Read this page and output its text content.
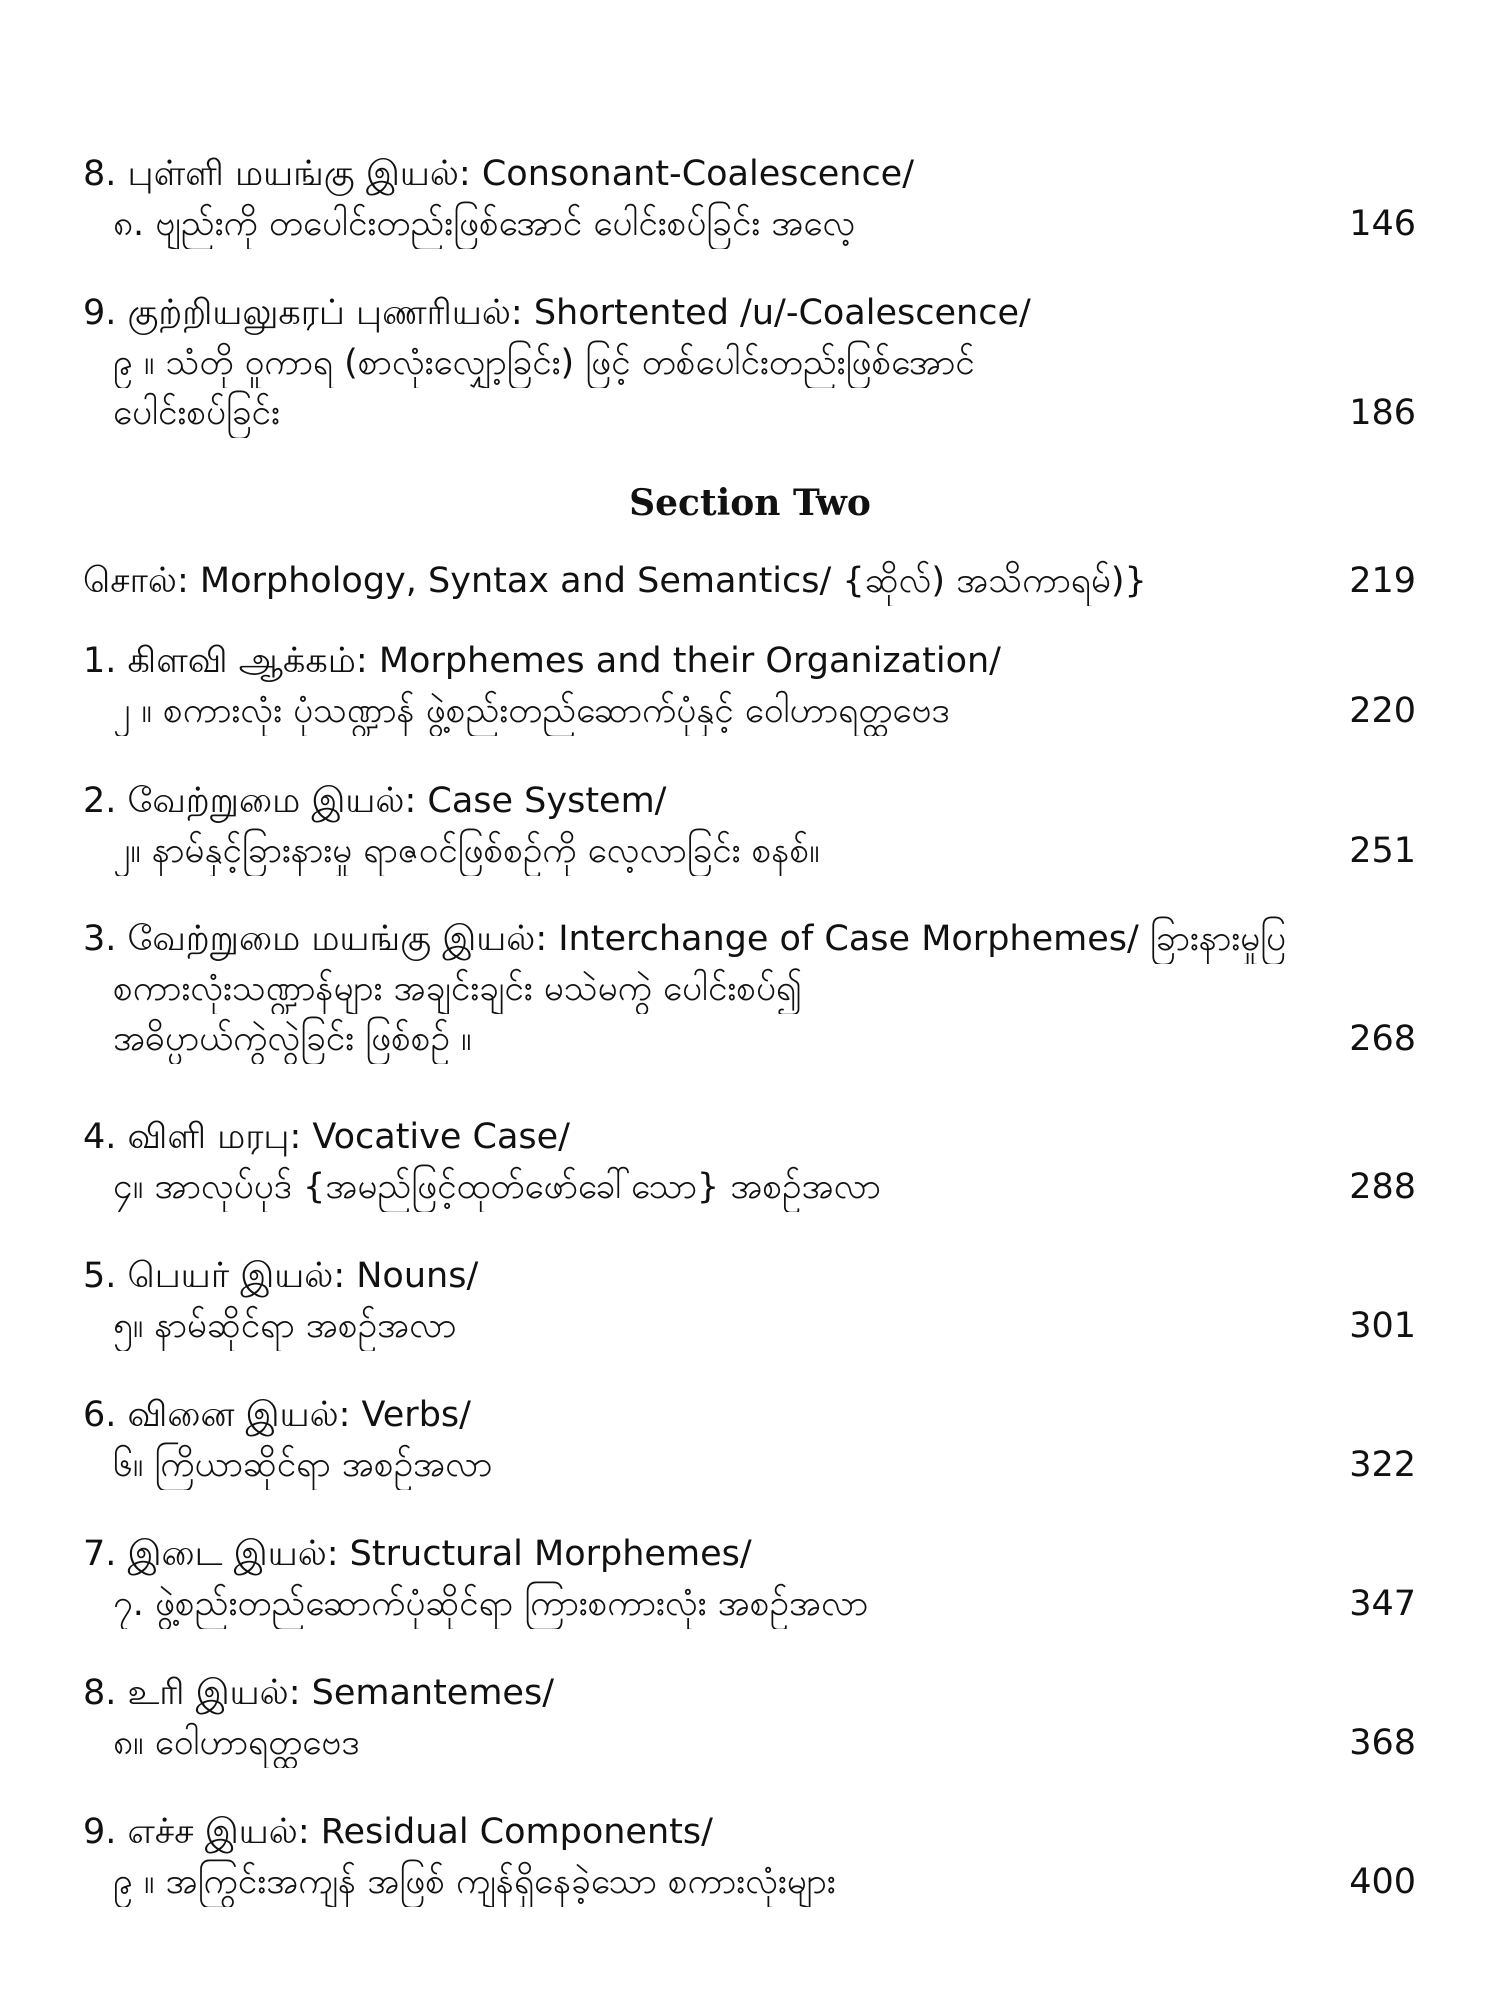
8. புள்ளி மயங்கு இயல்: Consonant-Coalescence/
၈. ဗျည်းကို တပေါင်းတည်းဖြစ်အောင် ပေါင်းစပ်ခြင်း အလေ့	146
9. குற்றியலுகரப் புணரியல்: Shortented /u/-Coalescence/
၉ ။ သံတို ဝူကာရ (စာလုံးလျှော့ခြင်း) ဖြင့် တစ်ပေါင်းတည်းဖြစ်အောင်
ပေါင်းစပ်ခြင်း	186
Section Two
சொல்: Morphology, Syntax and Semantics/ {ဆိုလ်) အသိကာရမ်)}	219
1. கிளவி ஆக்கம்: Morphemes and their Organization/
၂ ။ စကားလုံး ပုံသဏ္ဍာန် ဖွဲ့စည်းတည်ဆောက်ပုံနှင့် ဝေါဟာရတ္ထဗေဒ	220
2. வேற்றுமை இயல்: Case System/
၂။ နာမ်နှင့်ခြားနားမှု ရာဇဝင်ဖြစ်စဉ်ကို လေ့လာခြင်း စနစ်။	251
3. வேற்றுமை மயங்கு இயல்: Interchange of Case Morphemes/ ခြားနားမှုပြ
စကားလုံးသဏ္ဍာန်များ အချင်းချင်း မသဲမကွဲ ပေါင်းစပ်၍
အဓိပ္ပာယ်ကွဲလွဲခြင်း ဖြစ်စဉ် ။	268
4. விளி மரபு: Vocative Case/
၄။ အာလုပ်ပုဒ် {အမည်ဖြင့်ထုတ်ဖော်ခေါ်သော} အစဉ်အလာ	288
5. பெயர் இயல்: Nouns/
၅။ နာမ်ဆိုင်ရာ အစဉ်အလာ	301
6. வினை இயல்: Verbs/
၆။ ကြိယာဆိုင်ရာ အစဉ်အလာ	322
7. இடை இயல்: Structural Morphemes/
၇. ဖွဲ့စည်းတည်ဆောက်ပုံဆိုင်ရာ ကြားစကားလုံး အစဉ်အလာ	347
8. உரி இயல்: Semantemes/
၈။ ဝေါဟာရတ္ထဗေဒ	368
9. எச்ச இயல்: Residual Components/
၉ ။ အကြွင်းအကျန် အဖြစ် ကျန်ရှိနေခဲ့သော စကားလုံးများ	400
